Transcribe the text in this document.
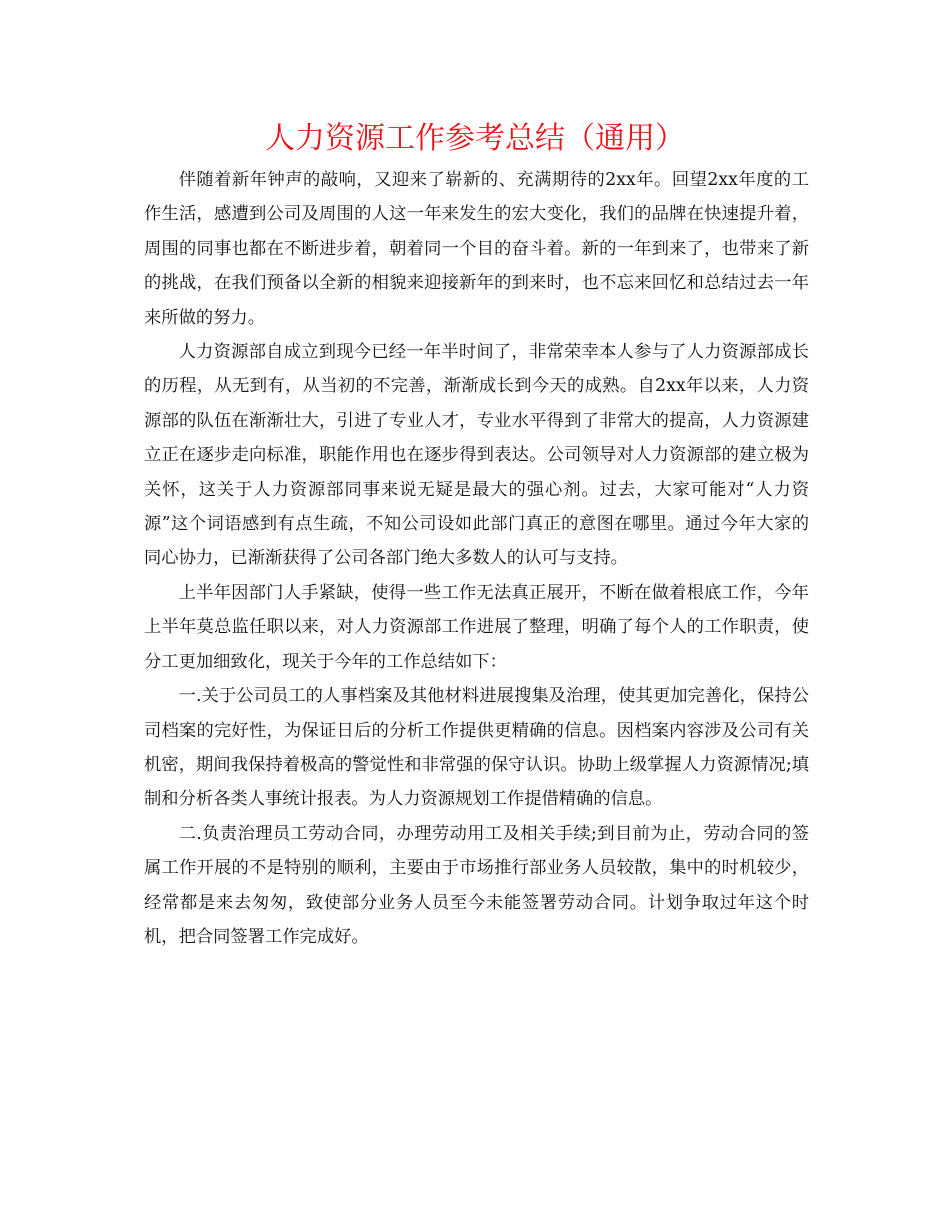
人力资源工作参考总结（通用）

伴随着新年钟声的敲响，又迎来了崭新的、充满期待的2xx年。回望2xx年度的工作生活，感遭到公司及周围的人这一年来发生的宏大变化，我们的品牌在快速提升着，周围的同事也都在不断进步着，朝着同一个目的奋斗着。新的一年到来了，也带来了新的挑战，在我们预备以全新的相貌来迎接新年的到来时，也不忘来回忆和总结过去一年来所做的努力。

人力资源部自成立到现今已经一年半时间了，非常荣幸本人参与了人力资源部成长的历程，从无到有，从当初的不完善，渐渐成长到今天的成熟。自2xx年以来，人力资源部的队伍在渐渐壮大，引进了专业人才，专业水平得到了非常大的提高，人力资源建立正在逐步走向标准，职能作用也在逐步得到表达。公司领导对人力资源部的建立极为关怀，这关于人力资源部同事来说无疑是最大的强心剂。过去，大家可能对“人力资源”这个词语感到有点生疏，不知公司设如此部门真正的意图在哪里。通过今年大家的同心协力，已渐渐获得了公司各部门绝大多数人的认可与支持。

上半年因部门人手紧缺，使得一些工作无法真正展开，不断在做着根底工作，今年上半年莫总监任职以来，对人力资源部工作进展了整理，明确了每个人的工作职责，使分工更加细致化，现关于今年的工作总结如下：

一.关于公司员工的人事档案及其他材料进展搜集及治理，使其更加完善化，保持公司档案的完好性，为保证日后的分析工作提供更精确的信息。因档案内容涉及公司有关机密，期间我保持着极高的警觉性和非常强的保守认识。协助上级掌握人力资源情况;填制和分析各类人事统计报表。为人力资源规划工作提借精确的信息。

二.负责治理员工劳动合同，办理劳动用工及相关手续;到目前为止，劳动合同的签属工作开展的不是特别的顺利，主要由于市场推行部业务人员较散，集中的时机较少，经常都是来去匆匆，致使部分业务人员至今未能签署劳动合同。计划争取过年这个时机，把合同签署工作完成好。
